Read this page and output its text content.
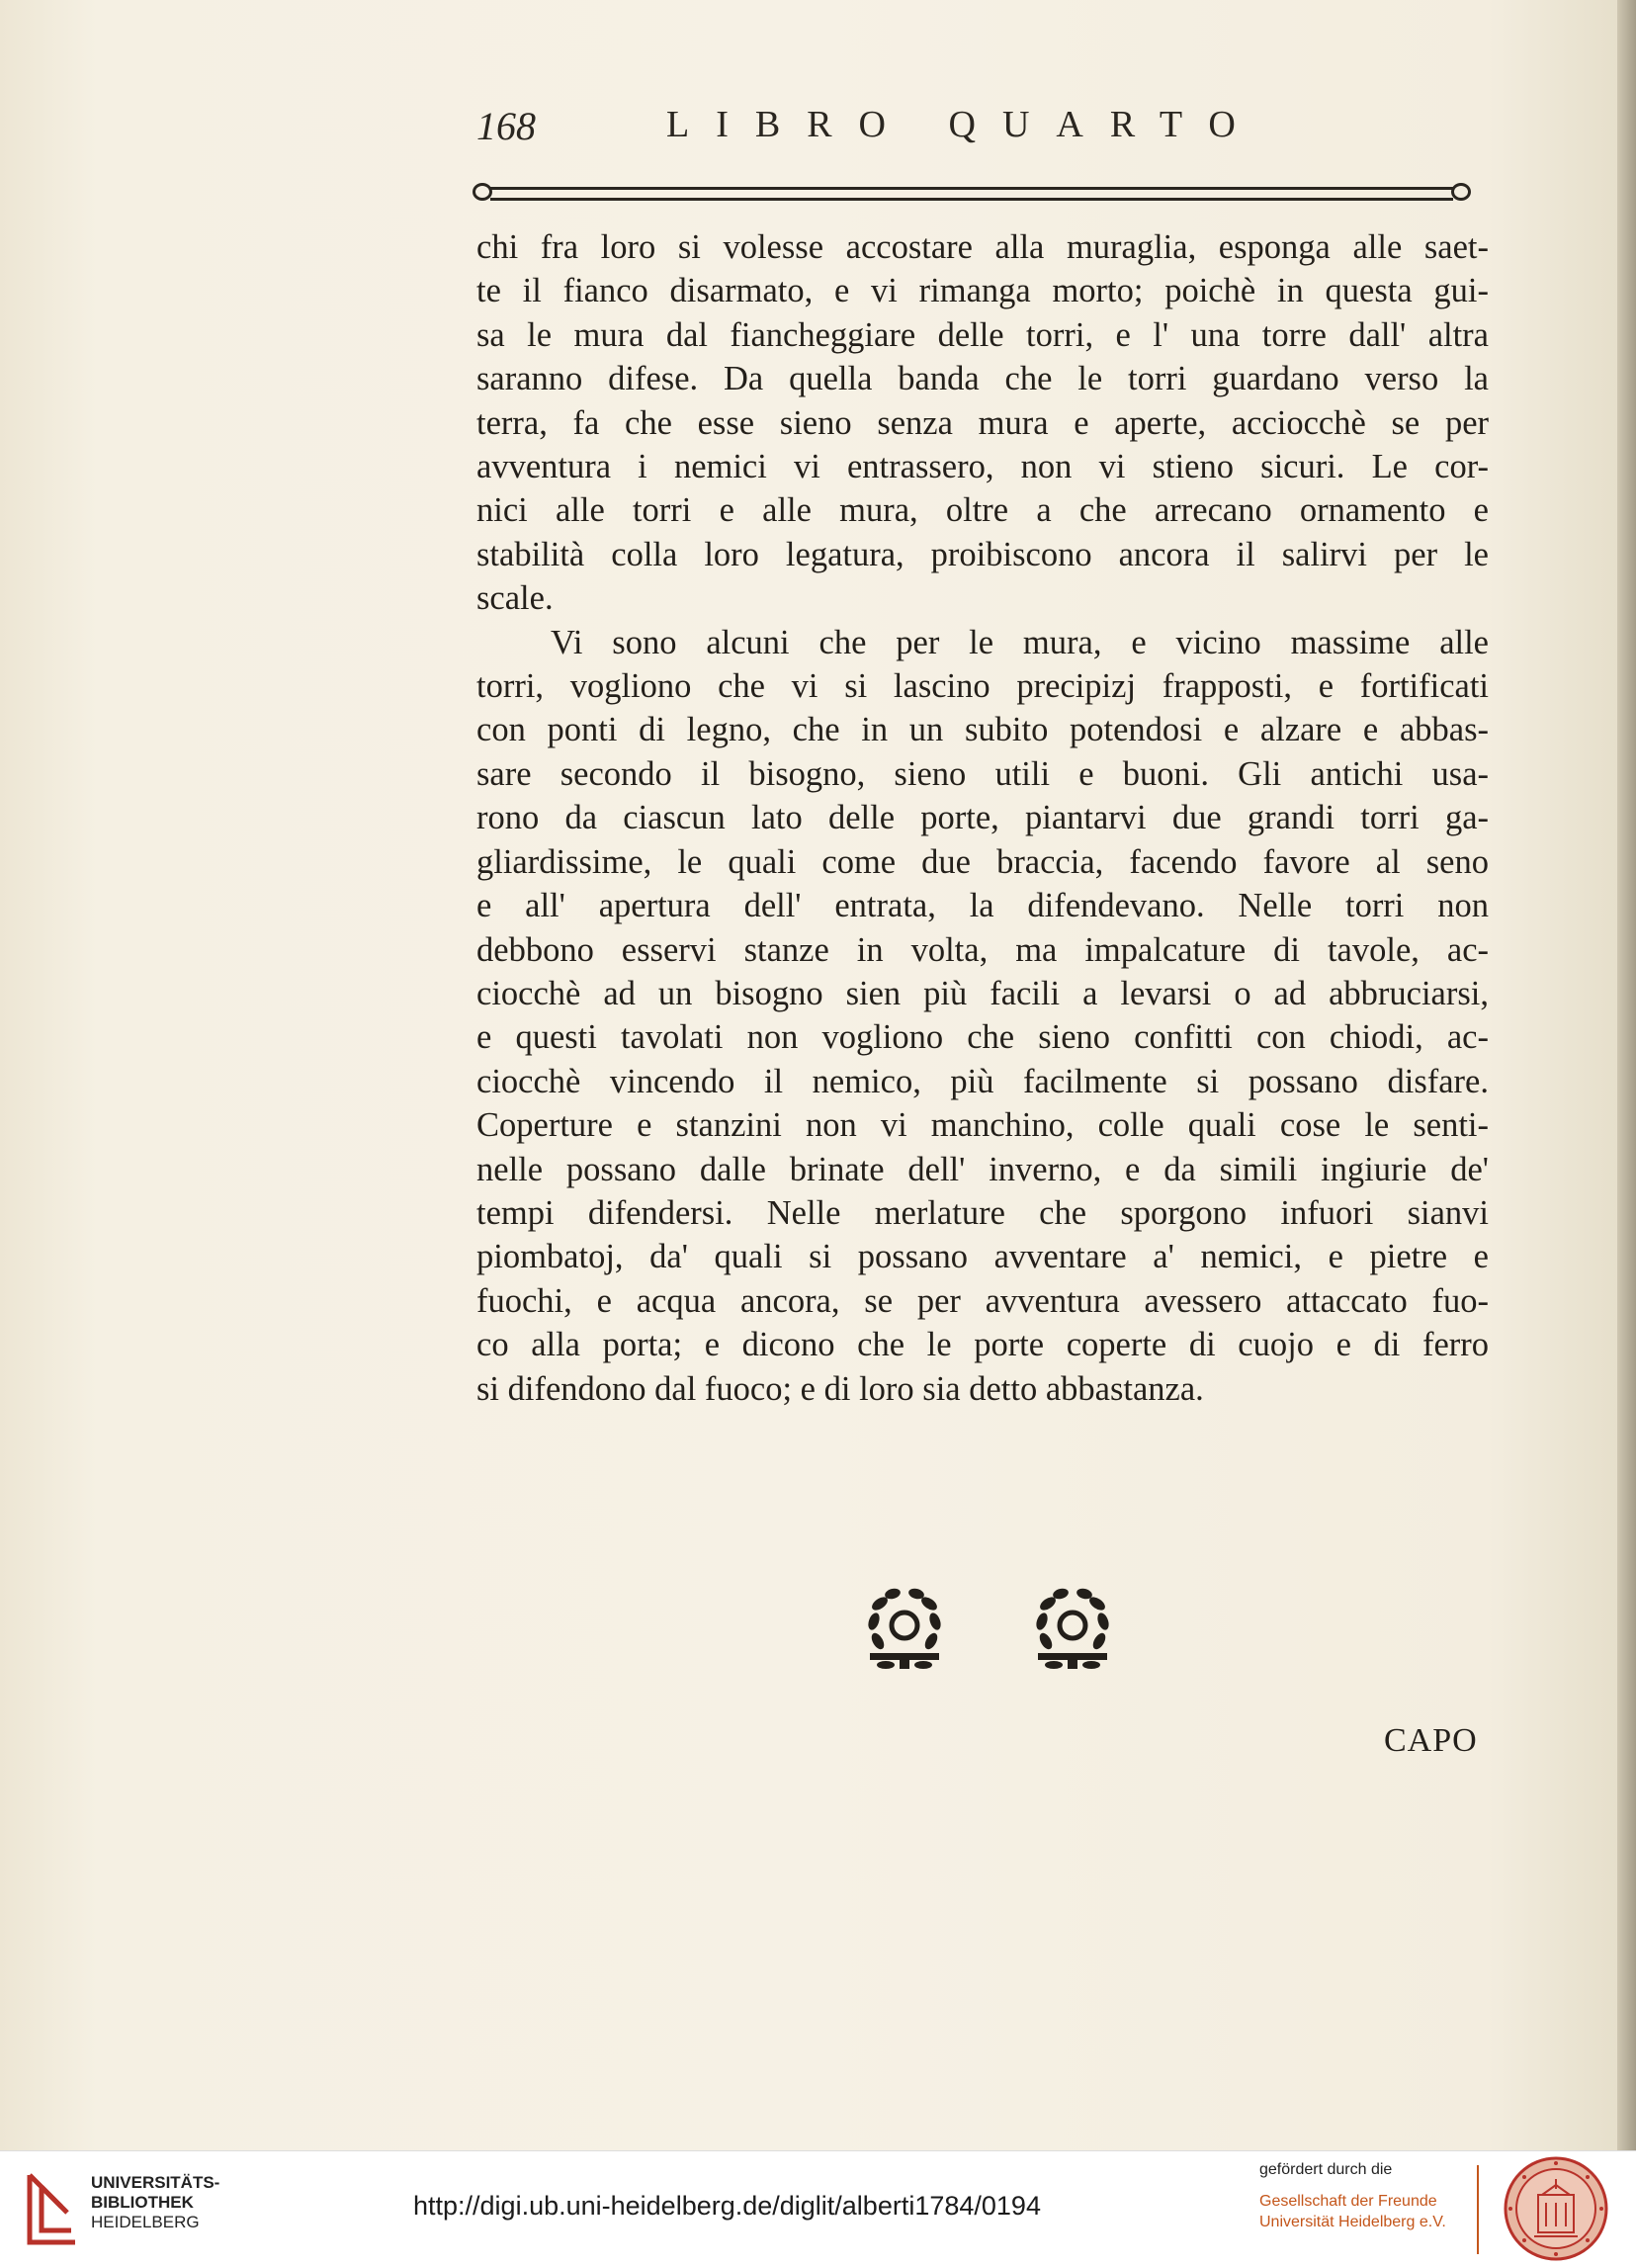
168	LIBRO QUARTO
chi fra loro si volesse accostare alla muraglia, esponga alle saet-
te il fianco disarmato, e vi rimanga morto; poichè in questa gui-
sa le mura dal fiancheggiare delle torri, e l' una torre dall' altra
saranno difese. Da quella banda che le torri guardano verso la
terra, fa che esse sieno senza mura e aperte, acciocchè se per
avventura i nemici vi entrassero, non vi stieno sicuri. Le cor-
nici alle torri e alle mura, oltre a che arrecano ornamento e
stabilità colla loro legatura, proibiscono ancora il salirvi per le
scale.
Vi sono alcuni che per le mura, e vicino massime alle
torri, vogliono che vi si lascino precipizj frapposti, e fortificati
con ponti di legno, che in un subito potendosi e alzare e abbas-
sare secondo il bisogno, sieno utili e buoni. Gli antichi usa-
rono da ciascun lato delle porte, piantarvi due grandi torri ga-
gliardissime, le quali come due braccia, facendo favore al seno
e all' apertura dell' entrata, la difendevano. Nelle torri non
debbono esservi stanze in volta, ma impalcature di tavole, ac-
ciocchè ad un bisogno sien più facili a levarsi o ad abbruciarsi,
e questi tavolati non vogliono che sieno confitti con chiodi, ac-
ciocchè vincendo il nemico, più facilmente si possano disfare.
Coperture e stanzini non vi manchino, colle quali cose le senti-
nelle possano dalle brinate dell' inverno, e da simili ingiurie de'
tempi difendersi. Nelle merlature che sporgono infuori sianvi
piombatoj, da' quali si possano avventare a' nemici, e pietre e
fuochi, e acqua ancora, se per avventura avessero attaccato fuo-
co alla porta; e dicono che le porte coperte di cuojo e di ferro
si difendono dal fuoco; e di loro sia detto abbastanza.
CAPO
UNIVERSITÄTS-
BIBLIOTHEK
HEIDELBERG
http://digi.ub.uni-heidelberg.de/diglit/alberti1784/0194
gefördert durch die
Gesellschaft der Freunde
Universität Heidelberg e.V.
